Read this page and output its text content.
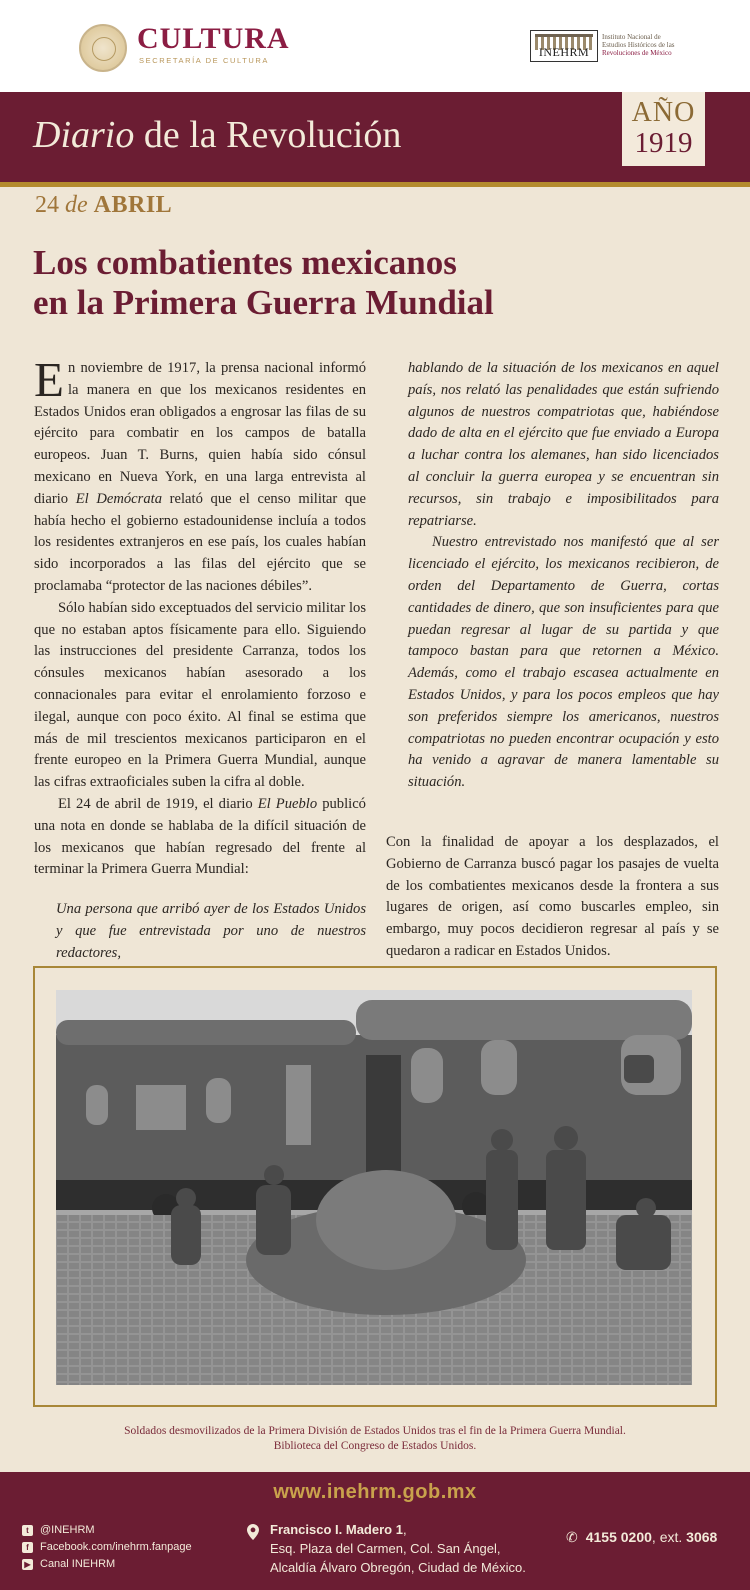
CULTURA
SECRETARÍA DE CULTURA
INEHRM
Instituto Nacional de
Estudios Históricos de las
Revoluciones de México
Diario de la Revolución
AÑO
1919
24 de ABRIL
Los combatientes mexicanos
en la Primera Guerra Mundial

En noviembre de 1917, la prensa nacional informó la manera en que los mexicanos residentes en Estados Unidos eran obligados a engrosar las filas de su ejército para combatir en los campos de batalla europeos. Juan T. Burns, quien había sido cónsul mexicano en Nueva York, en una larga entrevista al diario El Demócrata relató que el censo militar que había hecho el gobierno estadounidense incluía a todos los residentes extranjeros en ese país, los cuales habían sido incorporados a las filas del ejército que se proclamaba “protector de las naciones débiles”.

Sólo habían sido exceptuados del servicio militar los que no estaban aptos físicamente para ello. Siguiendo las instrucciones del presidente Carranza, todos los cónsules mexicanos habían asesorado a los connacionales para evitar el enrolamiento forzoso e ilegal, aunque con poco éxito. Al final se estima que más de mil trescientos mexicanos participaron en el frente europeo en la Primera Guerra Mundial, aunque las cifras extraoficiales suben la cifra al doble.

El 24 de abril de 1919, el diario El Pueblo publicó una nota en donde se hablaba de la difícil situación de los mexicanos que habían regresado del frente al terminar la Primera Guerra Mundial:

Una persona que arribó ayer de los Estados Unidos y que fue entrevistada por uno de nuestros redactores,

hablando de la situación de los mexicanos en aquel país, nos relató las penalidades que están sufriendo algunos de nuestros compatriotas que, habiéndose dado de alta en el ejército que fue enviado a Europa a luchar contra los alemanes, han sido licenciados al concluir la guerra europea y se encuentran sin recursos, sin trabajo e imposibilitados para repatriarse.

Nuestro entrevistado nos manifestó que al ser licenciado el ejército, los mexicanos recibieron, de orden del Departamento de Guerra, cortas cantidades de dinero, que son insuficientes para que puedan regresar al lugar de su partida y que tampoco bastan para que retornen a México. Además, como el trabajo escasea actualmente en Estados Unidos, y para los pocos empleos que hay son preferidos siempre los americanos, nuestros compatriotas no pueden encontrar ocupación y esto ha venido a agravar de manera lamentable su situación.

Con la finalidad de apoyar a los desplazados, el Gobierno de Carranza buscó pagar los pasajes de vuelta de los combatientes mexicanos desde la frontera a sus lugares de origen, así como buscarles empleo, sin embargo, muy pocos decidieron regresar al país y se quedaron a radicar en Estados Unidos.

Soldados desmovilizados de la Primera División de Estados Unidos tras el fin de la Primera Guerra Mundial.
Biblioteca del Congreso de Estados Unidos.
www.inehrm.gob.mx
t	@INEHRM
f	Facebook.com/inehrm.fanpage
▶ Canal INEHRM
Francisco I. Madero 1,
Esq. Plaza del Carmen, Col. San Ángel,
Alcaldía Álvaro Obregón, Ciudad de México.
✆ 4155 0200, ext. 3068
